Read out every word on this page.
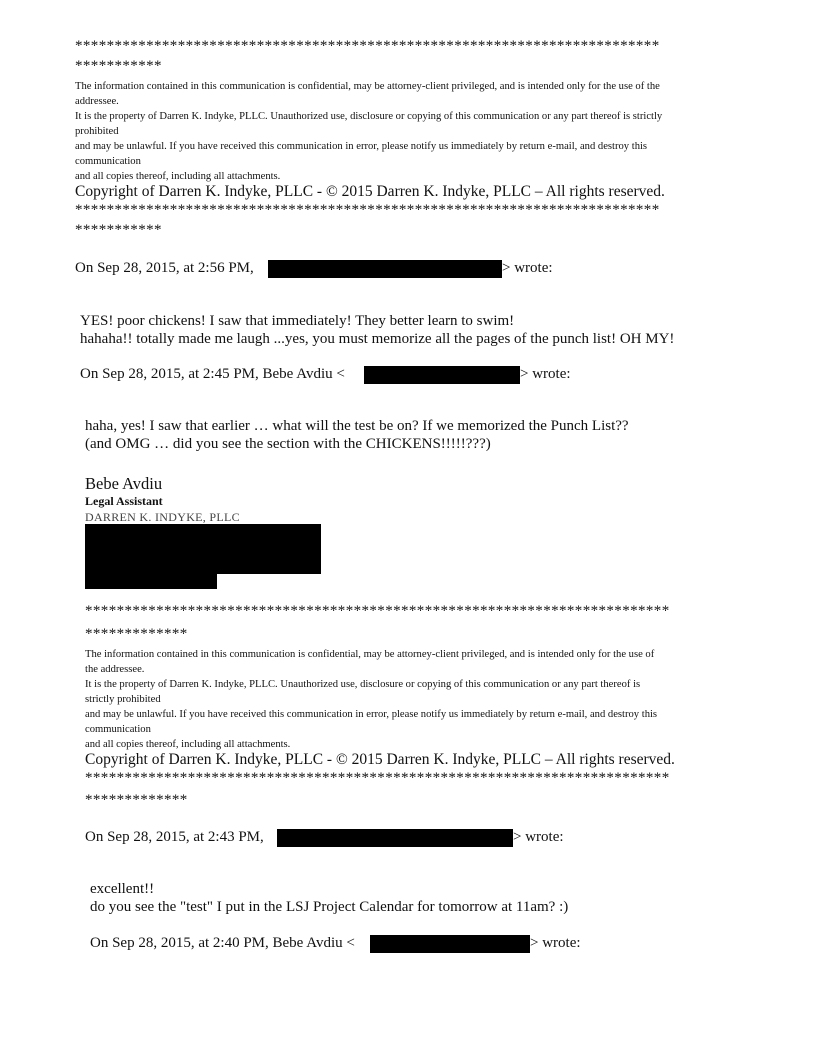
**************************************************************************
***********
The information contained in this communication is confidential, may be attorney-client privileged, and is intended only for the use of the
addressee.
It is the property of Darren K. Indyke, PLLC. Unauthorized use, disclosure or copying of this communication or any part thereof is strictly
prohibited
and may be unlawful. If you have received this communication in error, please notify us immediately by return e-mail, and destroy this
communication
and all copies thereof, including all attachments.
Copyright of Darren K. Indyke, PLLC - © 2015 Darren K. Indyke, PLLC – All rights reserved.
**************************************************************************
***********
On Sep 28, 2015, at 2:56 PM,	> wrote:
YES! poor chickens! I saw that immediately! They better learn to swim!
hahaha!! totally made me laugh ...yes, you must memorize all the pages of the punch list! OH MY!
On Sep 28, 2015, at 2:45 PM, Bebe Avdiu <	> wrote:
haha, yes! I saw that earlier … what will the test be on? If we memorized the Punch List??
(and OMG … did you see the section with the CHICKENS!!!!!???)
Bebe Avdiu
Legal Assistant
DARREN K. INDYKE, PLLC
**************************************************************************
*************
The information contained in this communication is confidential, may be attorney-client privileged, and is intended only for the use of
the addressee.
It is the property of Darren K. Indyke, PLLC. Unauthorized use, disclosure or copying of this communication or any part thereof is
strictly prohibited
and may be unlawful. If you have received this communication in error, please notify us immediately by return e-mail, and destroy this
communication
and all copies thereof, including all attachments.
Copyright of Darren K. Indyke, PLLC - © 2015 Darren K. Indyke, PLLC – All rights reserved.
**************************************************************************
*************
On Sep 28, 2015, at 2:43 PM,	> wrote:
excellent!!
do you see the "test" I put in the LSJ Project Calendar for tomorrow at 11am? :)
On Sep 28, 2015, at 2:40 PM, Bebe Avdiu <	> wrote:
